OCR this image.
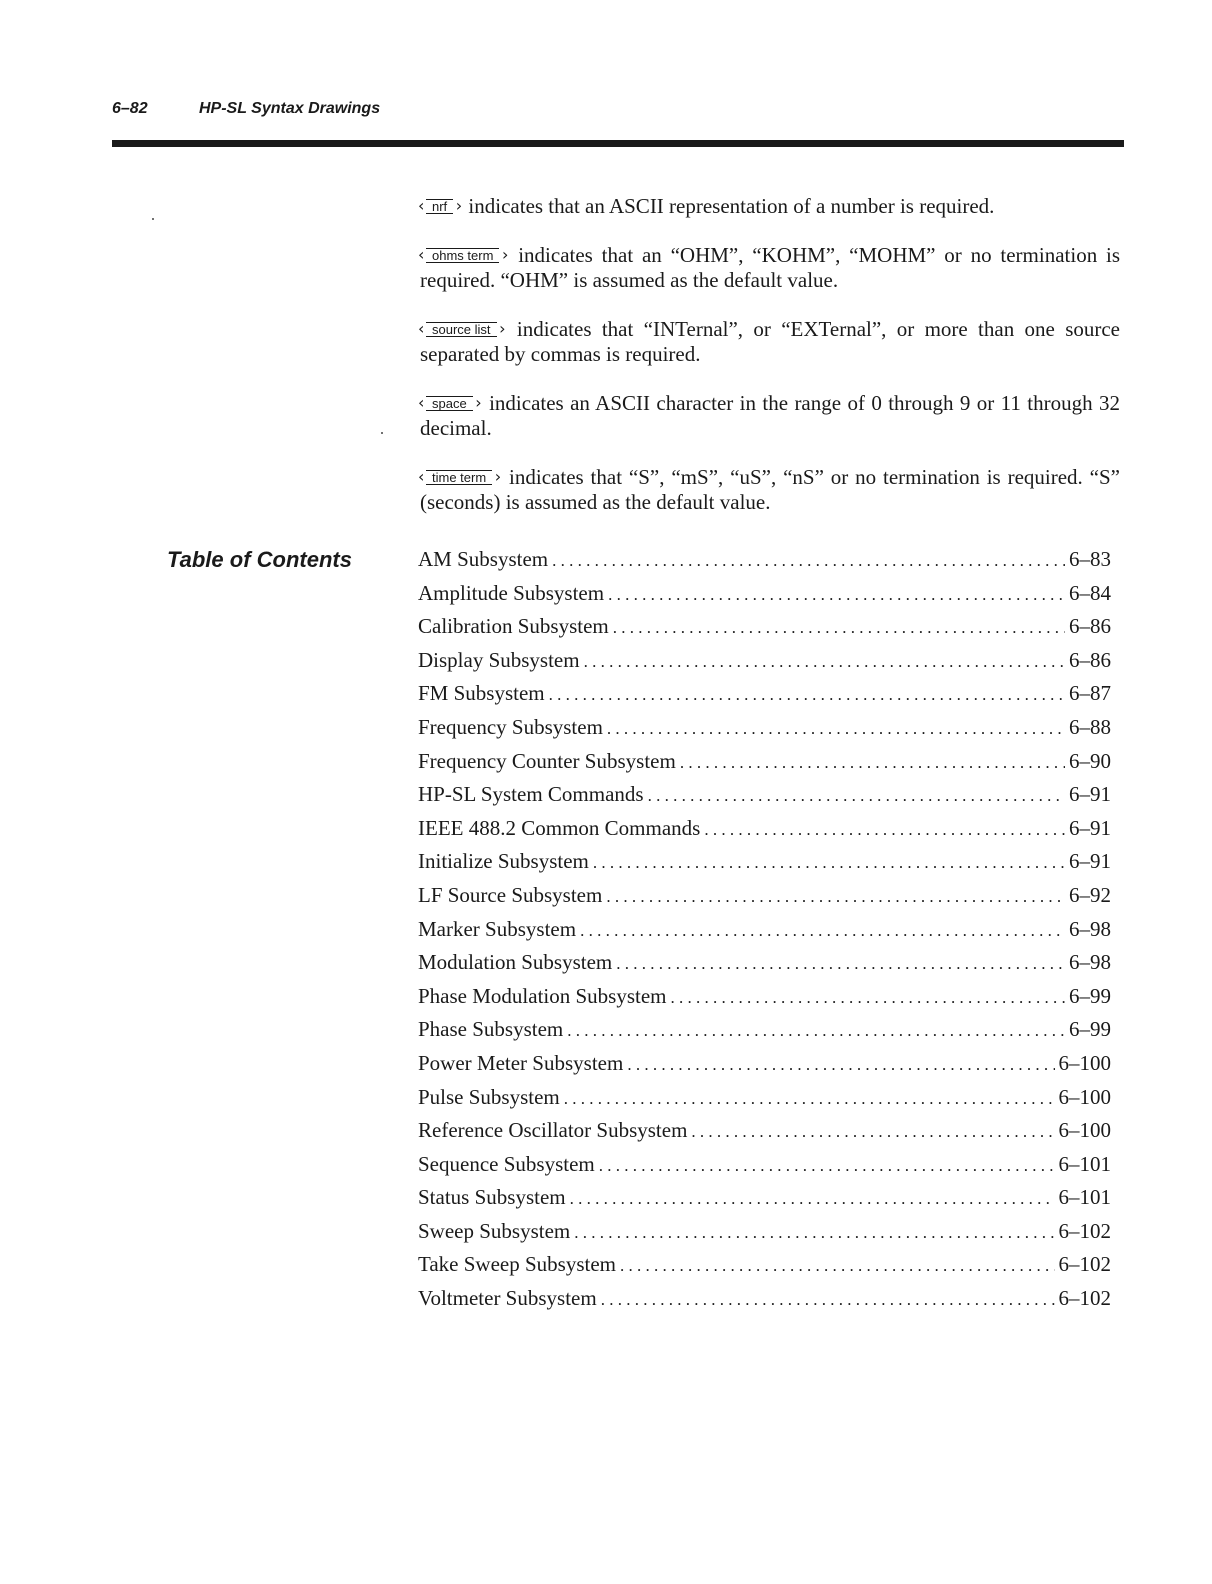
6–82	HP-SL Syntax Drawings

‹ nrf › indicates that an ASCII representation of a number is required.

‹ ohms term › indicates that an “OHM”, “KOHM”, “MOHM” or no termination is required. “OHM” is assumed as the default value.

‹ source list › indicates that “INTernal”, or “EXTernal”, or more than one source separated by commas is required.

‹ space › indicates an ASCII character in the range of 0 through 9 or 11 through 32 decimal.

‹ time term › indicates that “S”, “mS”, “uS”, “nS” or no termination is required. “S” (seconds) is assumed as the default value.

Table of Contents	AM Subsystem . . .	6–83
Amplitude Subsystem . . .	6–84
Calibration Subsystem . . .	6–86
Display Subsystem . . .	6–86
FM Subsystem . . .	6–87
Frequency Subsystem . . .	6–88
Frequency Counter Subsystem . . .	6–90
HP-SL System Commands . . .	6–91
IEEE 488.2 Common Commands . . .	6–91
Initialize Subsystem . . .	6–91
LF Source Subsystem . . .	6–92
Marker Subsystem . . .	6–98
Modulation Subsystem . . .	6–98
Phase Modulation Subsystem . . .	6–99
Phase Subsystem . . .	6–99
Power Meter Subsystem . . .	6–100
Pulse Subsystem . . .	6–100
Reference Oscillator Subsystem . . .	6–100
Sequence Subsystem . . .	6–101
Status Subsystem . . .	6–101
Sweep Subsystem . . .	6–102
Take Sweep Subsystem . . .	6–102
Voltmeter Subsystem . . .	6–102
